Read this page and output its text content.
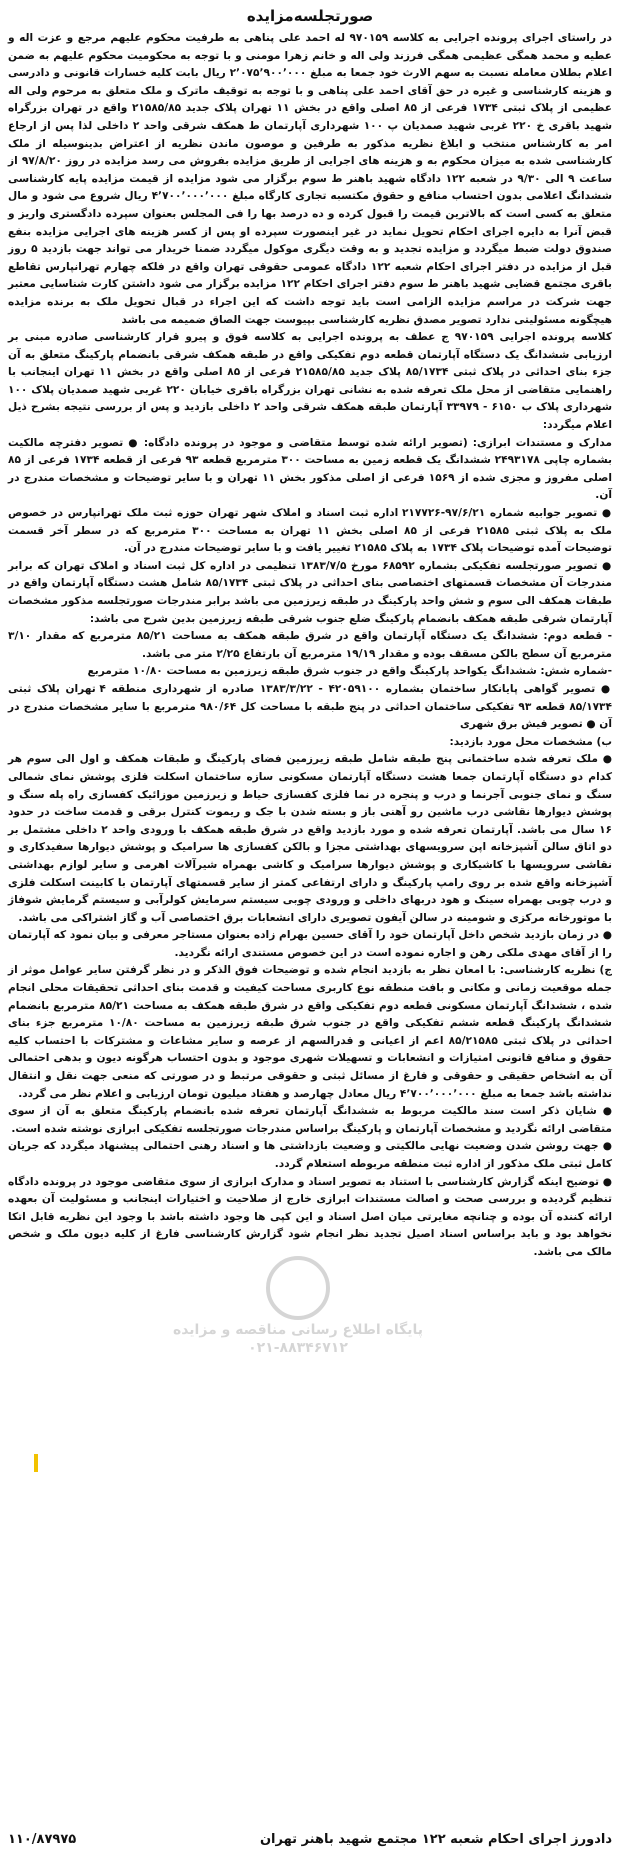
صورتجلسه‌مزایده

در راستای اجرای پرونده اجرایی به کلاسه ۹۷۰۱۵۹ له احمد علی پناهی به طرفیت محکوم علیهم مرجع و عزت اله و عطیه و محمد همگی عظیمی همگی فرزند ولی اله و خانم زهرا مومنی و با توجه به محکومیت محکوم علیهم به ضمن اعلام بطلان معامله نسبت به سهم الارث خود جمعا به مبلغ ۲٬۰۷۵٬۹۰۰٬۰۰۰ ریال بابت کلیه خسارات قانونی و دادرسی و هزینه کارشناسی و غیره در حق آقای احمد علی پناهی و با توجه به توقیف ماترک و ملک متعلق به مرحوم ولی اله عظیمی از پلاک ثبتی ۱۷۳۴ فرعی از ۸۵ اصلی واقع در بخش ۱۱ تهران پلاک جدید ۲۱۵۸۵/۸۵ واقع در تهران بزرگراه شهید باقری خ ۲۲۰ غربی شهید صمدیان پ ۱۰۰ شهرداری آپارتمان ط همکف شرقی واحد ۲ داخلی لذا پس از ارجاع امر به کارشناس منتخب و ابلاغ نظریه مذکور به طرفین و موصون ماندن نظریه از اعتراض بدینوسیله از ملک کارشناسی شده به میزان محکوم به و هزینه های اجرایی از طریق مزایده بفروش می رسد مزایده در روز ۹۷/۸/۲۰ از ساعت ۹ الی ۹/۳۰ در شعبه ۱۲۲ دادگاه شهید باهنر ط سوم برگزار می شود مزایده از قیمت مزایده پایه کارشناسی ششدانگ اعلامی بدون احتساب منافع و حقوق مکتسبه تجاری کارگاه مبلغ ۴٬۷۰۰٬۰۰۰٬۰۰۰ ریال شروع می شود و مال متعلق به کسی است که بالاترین قیمت را قبول کرده و ده درصد بها را فی المجلس بعنوان سپرده دادگستری واریز و قبض آنرا به دایره اجرای احکام تحویل نماید در غیر اینصورت سپرده او پس از کسر هزینه های اجرایی مزایده بنفع صندوق دولت ضبط میگردد و مزایده تجدید و به وقت دیگری موکول میگردد ضمنا خریدار می تواند جهت بازدید ۵ روز قبل از مزایده در دفتر اجرای احکام شعبه ۱۲۲ دادگاه عمومی حقوقی تهران واقع در فلکه چهارم تهرانپارس تقاطع باقری مجتمع قضایی شهید باهنر ط سوم دفتر اجرای احکام ۱۲۲ مزایده برگزار می شود داشتن کارت شناسایی معتبر جهت شرکت در مراسم مزایده الزامی است باید توجه داشت که این اجراء در قبال تحویل ملک به برنده مزایده هیچگونه مسئولیتی ندارد تصویر مصدق نظریه کارشناسی بپیوست جهت الصاق ضمیمه می باشد

کلاسه پرونده اجرایی ۹۷۰۱۵۹ ج عطف به پرونده اجرایی به کلاسه فوق و پیرو قرار کارشناسی صادره مبنی بر ارزیابی ششدانگ یک دستگاه آپارتمان قطعه دوم تفکیکی واقع در طبقه همکف شرقی بانضمام پارکینگ متعلق به آن جزء بنای احداثی در پلاک ثبتی ۸۵/۱۷۳۴ پلاک جدید ۲۱۵۸۵/۸۵ فرعی از ۸۵ اصلی واقع در بخش ۱۱ تهران اینجانب با راهنمایی متقاضی از محل ملک تعرفه شده به نشانی تهران بزرگراه باقری خیابان ۲۲۰ غربی شهید صمدیان پلاک ۱۰۰ شهرداری پلاک ب ۶۱۵۰ - ۳۳۹۷۹ آپارتمان طبقه همکف شرقی واحد ۲ داخلی بازدید و پس از بررسی نتیجه بشرح ذیل اعلام میگردد:

مدارک و مستندات ابرازی: (تصویر ارائه شده توسط متقاضی و موجود در پرونده دادگاه: ● تصویر دفترچه مالکیت بشماره چاپی ۲۴۹۳۱۷۸ ششدانگ یک قطعه زمین به مساحت ۳۰۰ مترمربع قطعه ۹۳ فرعی از قطعه ۱۷۳۴ فرعی از ۸۵ اصلی مفروز و مجزی شده از ۱۵۶۹ فرعی از اصلی مذکور بخش ۱۱ تهران و با سایر توضیحات و مشخصات مندرج در آن.

● تصویر جوابیه شماره ۹۷/۶/۲۱-۲۱۷۷۲۶ اداره ثبت اسناد و املاک شهر تهران حوزه ثبت ملک تهرانپارس در خصوص ملک به پلاک ثبتی ۲۱۵۸۵ فرعی از ۸۵ اصلی بخش ۱۱ تهران به مساحت ۳۰۰ مترمربع که در سطر آخر قسمت توضیحات آمده توضیحات پلاک ۱۷۳۴ به پلاک ۲۱۵۸۵ تغییر یافت و با سایر توضیحات مندرج در آن.

● تصویر صورتجلسه تفکیکی بشماره ۶۸۵۹۲ مورخ ۱۳۸۳/۷/۵ تنظیمی در اداره کل ثبت اسناد و املاک تهران که برابر مندرجات آن مشخصات قسمتهای اختصاصی بنای احداثی در پلاک ثبتی ۸۵/۱۷۳۴ شامل هشت دستگاه آپارتمان واقع در طبقات همکف الی سوم و شش واحد پارکینگ در طبقه زیرزمین می باشد برابر مندرجات صورتجلسه مذکور مشخصات آپارتمان شرقی طبقه همکف بانضمام پارکینگ ضلع جنوب شرقی طبقه زیرزمین بدین شرح می باشد:

- قطعه دوم: ششدانگ یک دستگاه آپارتمان واقع در شرق طبقه همکف به مساحت ۸۵/۲۱ مترمربع که مقدار ۳/۱۰ مترمربع آن سطح بالکن مسقف بوده و مقدار ۱۹/۱۹ مترمربع آن بارتفاع ۲/۲۵ متر می باشد.

-شماره شش: ششدانگ یکواحد پارکینگ واقع در جنوب شرق طبقه زیرزمین به مساحت ۱۰/۸۰ مترمربع

● تصویر گواهی پایانکار ساختمان بشماره ۴۲۰۵۹۱۰۰ - ۱۳۸۳/۳/۲۲ صادره از شهرداری منطقه ۴ تهران پلاک ثبتی ۸۵/۱۷۳۴ قطعه ۹۳ تفکیکی ساختمان احداثی در پنج طبقه با مساحت کل ۹۸۰/۶۴ مترمربع با سایر مشخصات مندرج در آن ● تصویر فیش برق شهری

ب) مشخصات محل مورد بازدید:

● ملک تعرفه شده ساختمانی پنج طبقه شامل طبقه زیرزمین فضای پارکینگ و طبقات همکف و اول الی سوم هر کدام دو دستگاه آپارتمان جمعا هشت دستگاه آپارتمان مسکونی سازه ساختمان اسکلت فلزی پوشش نمای شمالی سنگ و نمای جنوبی آجرنما و درب و پنجره در نما فلزی کفسازی حیاط و زیرزمین موزائیک کفسازی راه پله سنگ و پوشش دیوارها نقاشی درب ماشین رو آهنی باز و بسته شدن با جک و ریموت کنترل برقی و قدمت ساخت در حدود ۱۶ سال می باشد. آپارتمان تعرفه شده و مورد بازدید واقع در شرق طبقه همکف با ورودی واحد ۲ داخلی مشتمل بر دو اتاق سالن آشپزخانه اپن سرویسهای بهداشتی مجزا و بالکن کفسازی ها سرامیک و پوشش دیوارها سفیدکاری و نقاشی سرویسها با کاشیکاری و پوشش دیوارها سرامیک و کاشی بهمراه شیرآلات اهرمی و سایر لوازم بهداشتی آشپزخانه واقع شده بر روی رامپ پارکینگ و دارای ارتفاعی کمتر از سایر قسمتهای آپارتمان با کابینت اسکلت فلزی و درب چوبی بهمراه سینک و هود دربهای داخلی و ورودی چوبی سیستم سرمایش کولرآبی و سیستم گرمایش شوفاژ با موتورخانه مرکزی و شومینه در سالن آیفون تصویری دارای انشعابات برق اختصاصی آب و گاز اشتراکی می باشد.

● در زمان بازدید شخص داخل آپارتمان خود را آقای حسین بهرام زاده بعنوان مستاجر معرفی و بیان نمود که آپارتمان را از آقای مهدی ملکی رهن و اجاره نموده است در این خصوص مستندی ارائه نگردید.

ج) نظریه کارشناسی: با امعان نظر به بازدید انجام شده و توضیحات فوق الذکر و در نظر گرفتن سایر عوامل موثر از جمله موقعیت زمانی و مکانی و بافت منطقه نوع کاربری مساحت کیفیت و قدمت بنای احداثی تحقیقات محلی انجام شده ، ششدانگ آپارتمان مسکونی قطعه دوم تفکیکی واقع در شرق طبقه همکف به مساحت ۸۵/۲۱ مترمربع بانضمام ششدانگ پارکینگ قطعه ششم تفکیکی واقع در جنوب شرق طبقه زیرزمین به مساحت ۱۰/۸۰ مترمربع جزء بنای احداثی در پلاک ثبتی ۸۵/۲۱۵۸۵ اعم از اعیانی و قدرالسهم از عرصه و سایر مشاعات و مشترکات با احتساب کلیه حقوق و منافع قانونی امتیازات و انشعابات و تسهیلات شهری موجود و بدون احتساب هرگونه دیون و بدهی احتمالی آن به اشخاص حقیقی و حقوقی و فارغ از مسائل ثبتی و حقوقی مرتبط و در صورتی که منعی جهت نقل و انتقال نداشته باشد جمعا به مبلغ ۴٬۷۰۰٬۰۰۰٬۰۰۰ ریال معادل چهارصد و هفتاد میلیون تومان ارزیابی و اعلام نظر می گردد.

● شایان ذکر است سند مالکیت مربوط به ششدانگ آپارتمان تعرفه شده بانضمام پارکینگ متعلق به آن از سوی متقاضی ارائه نگردید و مشخصات آپارتمان و پارکینگ براساس مندرجات صورتجلسه تفکیکی ابرازی نوشته شده است.

● جهت روشن شدن وضعیت نهایی مالکیتی و وضعیت بازداشتی ها و اسناد رهنی احتمالی پیشنهاد میگردد که جریان کامل ثبتی ملک مذکور از اداره ثبت منطقه مربوطه استعلام گردد.

● توضیح اینکه گزارش کارشناسی با استناد به تصویر اسناد و مدارک ابرازی از سوی متقاضی موجود در پرونده دادگاه تنظیم گردیده و بررسی صحت و اصالت مستندات ابرازی خارج از صلاحیت و اختیارات اینجانب و مسئولیت آن بعهده ارائه کننده آن بوده و چنانچه مغایرتی میان اصل اسناد و این کپی ها وجود داشته باشد با وجود این نظریه قابل اتکا نخواهد بود و باید براساس اسناد اصیل تجدید نظر انجام شود گزارش کارشناسی فارغ از کلیه دیون ملک و شخص مالک می باشد.

پایگاه اطلاع رسانی مناقصه و مزایده
۰۲۱-۸۸۳۴۶۷۱۲
دادورز اجرای احکام شعبه ۱۲۲ مجتمع شهید باهنر تهران
۱۱۰/۸۷۹۷۵
